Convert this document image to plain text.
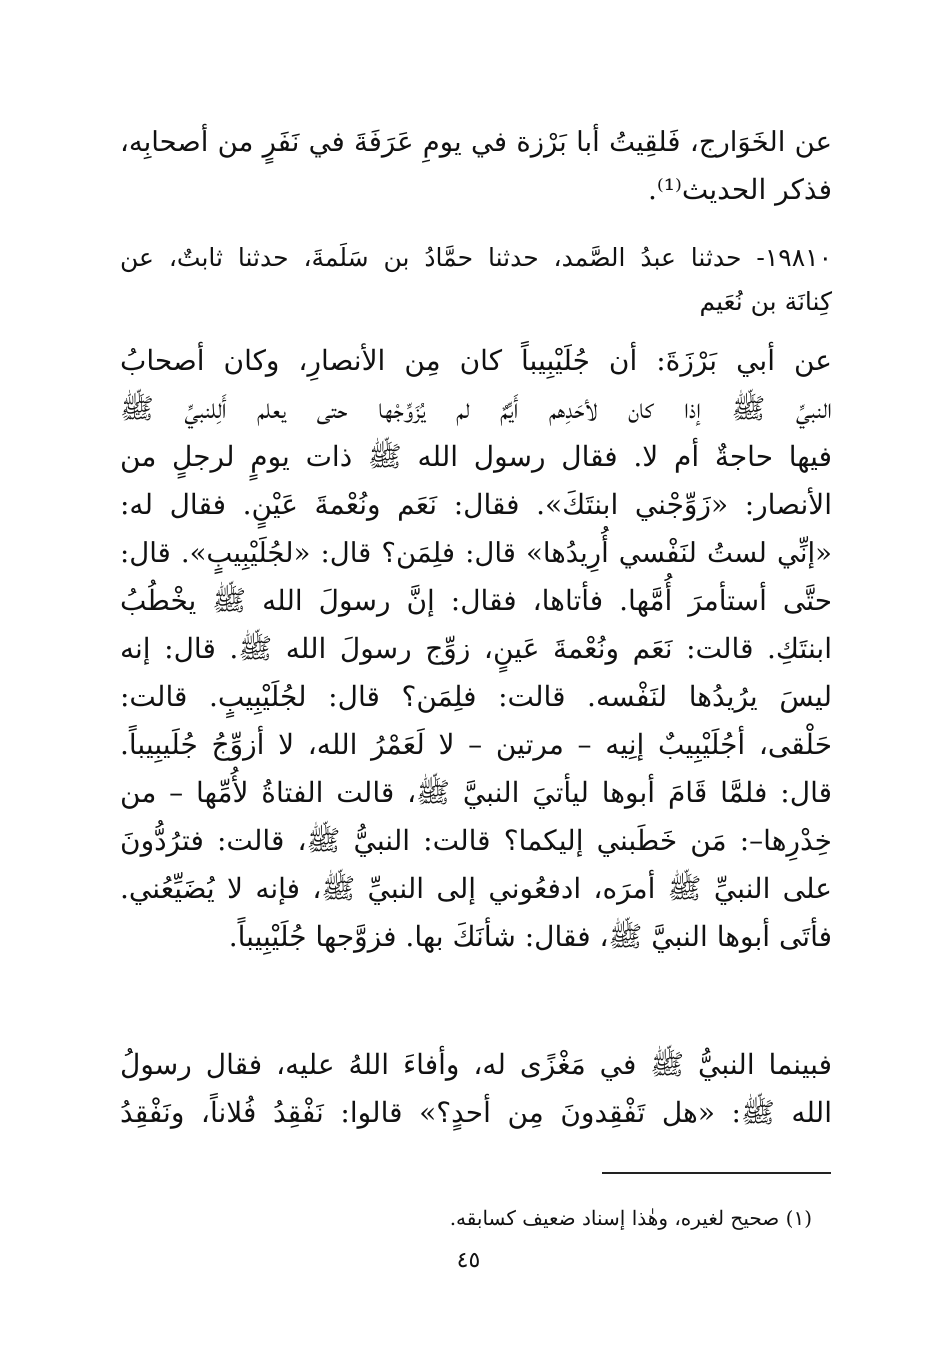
عن الخَوَارج، فَلقِيتُ أبا بَرْزة في يومِ عَرَفَةَ في نَفَرٍ من أصحابِه،
فذكر الحديث⁽¹⁾.
١٩٨١٠- حدثنا عبدُ الصَّمد، حدثنا حمَّادُ بن سَلَمةَ، حدثنا ثابتٌ، عن
كِنانَة بن نُعَيم
عن أبي بَرْزَةَ: أن جُلَيْبِيباً كان مِن الأنصارِ، وكان أصحابُ
النبيِّ ﷺ إذا كان لأحَدِهم أَيِّمٌ لم يُزَوِّجْها حتى يعلم أَلِلنبيِّ ﷺ
فيها حاجةٌ أم لا. فقال رسول الله ﷺ ذات يومٍ لرجلٍ من
الأنصار: «زَوِّجْني ابنتَكَ». فقال: نَعَم ونُعْمةَ عَيْنٍ. فقال له:
«إنِّي لستُ لنَفْسي أُرِيدُها» قال: فلِمَن؟ قال: «لجُلَيْبِيبٍ». قال:
حتَّى أستأمرَ أُمَّها. فأتاها، فقال: إنَّ رسولَ الله ﷺ يخْطُبُ
ابنتَكِ. قالت: نَعَم ونُعْمةَ عَينٍ، زوِّج رسولَ الله ﷺ. قال: إنه
ليسَ يرُيدُها لنَفْسه. قالت: فلِمَن؟ قال: لجُلَيْبِيبٍ. قالت:
حَلْقى، أجُلَيْبِيبٌ إنِيه – مرتين – لا لَعَمْرُ الله، لا أزوِّجُ جُلَيبِيباً.
قال: فلمَّا قَامَ أبوها ليأتيَ النبيَّ ﷺ، قالت الفتاةُ لأُمِّها – من
خِدْرِها–: مَن خَطَبني إليكما؟ قالت: النبيُّ ﷺ، قالت: فترُدُّونَ
على النبيِّ ﷺ أمرَه، ادفعُوني إلى النبيِّ ﷺ، فإنه لا يُضَيِّعُني.
فأتَى أبوها النبيَّ ﷺ، فقال: شأنَكَ بها. فزوَّجها جُلَيْبِيباً.
فبينما النبيُّ ﷺ في مَغْزًى له، وأفاءَ اللهُ عليه، فقال رسولُ
الله ﷺ: «هل تَفْقِدونَ مِن أحدٍ؟» قالوا: نَفْقِدُ فُلاناً، ونَفْقِدُ
(١) صحيح لغيره، وهٰذا إسناد ضعيف كسابقه.
٤٥
